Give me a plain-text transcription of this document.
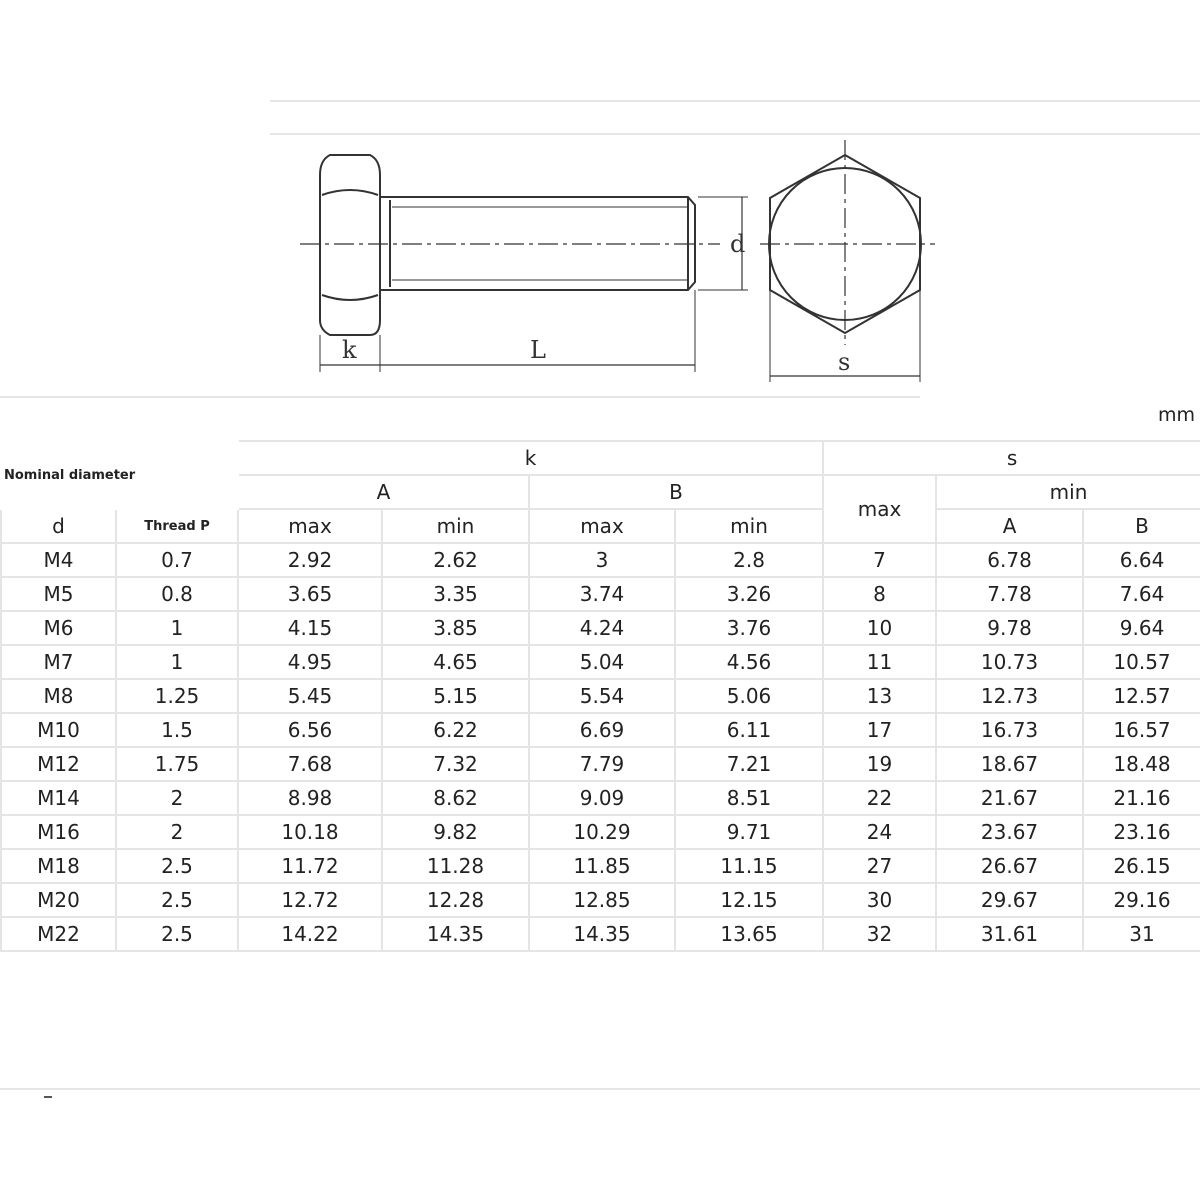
k	L
d
s
mm
		k				s		
		A		B		max	min	
d	Thread P	max	min	max	min		A	B
M4	0.7	2.92	2.62	3	2.8	7	6.78	6.64
M5	0.8	3.65	3.35	3.74	3.26	8	7.78	7.64
M6	1	4.15	3.85	4.24	3.76	10	9.78	9.64
M7	1	4.95	4.65	5.04	4.56	11	10.73	10.57
M8	1.25	5.45	5.15	5.54	5.06	13	12.73	12.57
M10	1.5	6.56	6.22	6.69	6.11	17	16.73	16.57
M12	1.75	7.68	7.32	7.79	7.21	19	18.67	18.48
M14	2	8.98	8.62	9.09	8.51	22	21.67	21.16
M16	2	10.18	9.82	10.29	9.71	24	23.67	23.16
M18	2.5	11.72	11.28	11.85	11.15	27	26.67	26.15
M20	2.5	12.72	12.28	12.85	12.15	30	29.67	29.16
M22	2.5	14.22	14.35	14.35	13.65	32	31.61	31
Nominal diameter
